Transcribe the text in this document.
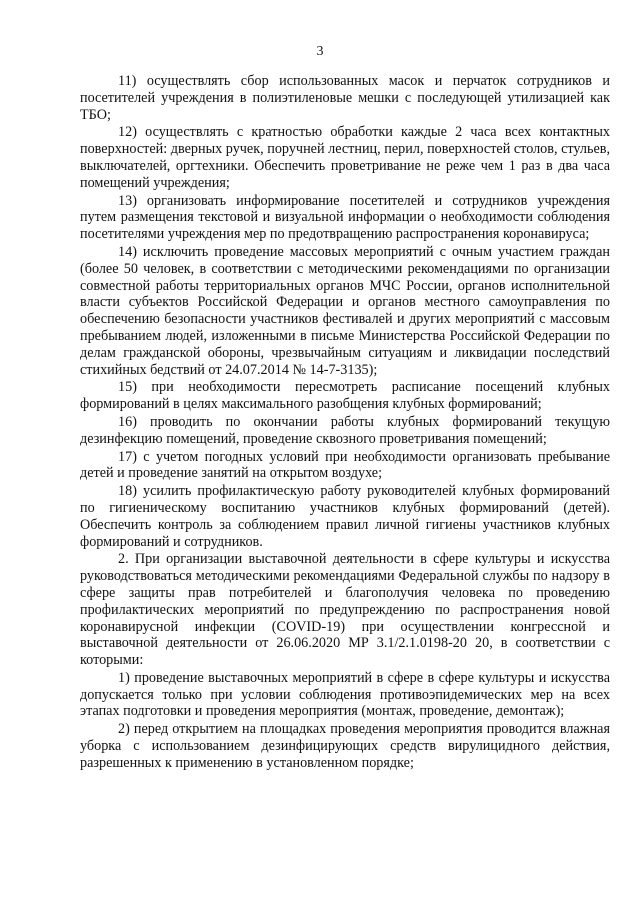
3

11) осуществлять сбор использованных масок и перчаток сотрудников и посетителей учреждения в полиэтиленовые мешки с последующей утилизацией как ТБО;

12) осуществлять с кратностью обработки каждые 2 часа всех контактных поверхностей: дверных ручек, поручней лестниц, перил, поверхностей столов, стульев, выключателей, оргтехники. Обеспечить проветривание не реже чем 1 раз в два часа помещений учреждения;

13) организовать информирование посетителей и сотрудников учреждения путем размещения текстовой и визуальной информации о необходимости соблюдения посетителями учреждения мер по предотвращению распространения коронавируса;

14) исключить проведение массовых мероприятий с очным участием граждан (более 50 человек, в соответствии с методическими рекомендациями по организации совместной работы территориальных органов МЧС России, органов исполнительной власти субъектов Российской Федерации и органов местного самоуправления по обеспечению безопасности участников фестивалей и других мероприятий с массовым пребыванием людей, изложенными в письме Министерства Российской Федерации по делам гражданской обороны, чрезвычайным ситуациям и ликвидации последствий стихийных бедствий от 24.07.2014 № 14-7-3135);

15) при необходимости пересмотреть расписание посещений клубных формирований в целях максимального разобщения клубных формирований;

16) проводить по окончании работы клубных формирований текущую дезинфекцию помещений, проведение сквозного проветривания помещений;

17) с учетом погодных условий при необходимости организовать пребывание детей и проведение занятий на открытом воздухе;

18) усилить профилактическую работу руководителей клубных формирований по гигиеническому воспитанию участников клубных формирований (детей). Обеспечить контроль за соблюдением правил личной гигиены участников клубных формирований и сотрудников.

2. При организации выставочной деятельности в сфере культуры и искусства руководствоваться методическими рекомендациями Федеральной службы по надзору в сфере защиты прав потребителей и благополучия человека по проведению профилактических мероприятий по предупреждению по распространения новой коронавирусной инфекции (COVID-19) при осуществлении конгрессной и выставочной деятельности от 26.06.2020 МР 3.1/2.1.0198-20 20, в соответствии с которыми:

1) проведение выставочных мероприятий в сфере в сфере культуры и искусства допускается только при условии соблюдения противоэпидемических мер на всех этапах подготовки и проведения мероприятия (монтаж, проведение, демонтаж);

2) перед открытием на площадках проведения мероприятия проводится влажная уборка с использованием дезинфицирующих средств вирулицидного действия, разрешенных к применению в установленном порядке;
